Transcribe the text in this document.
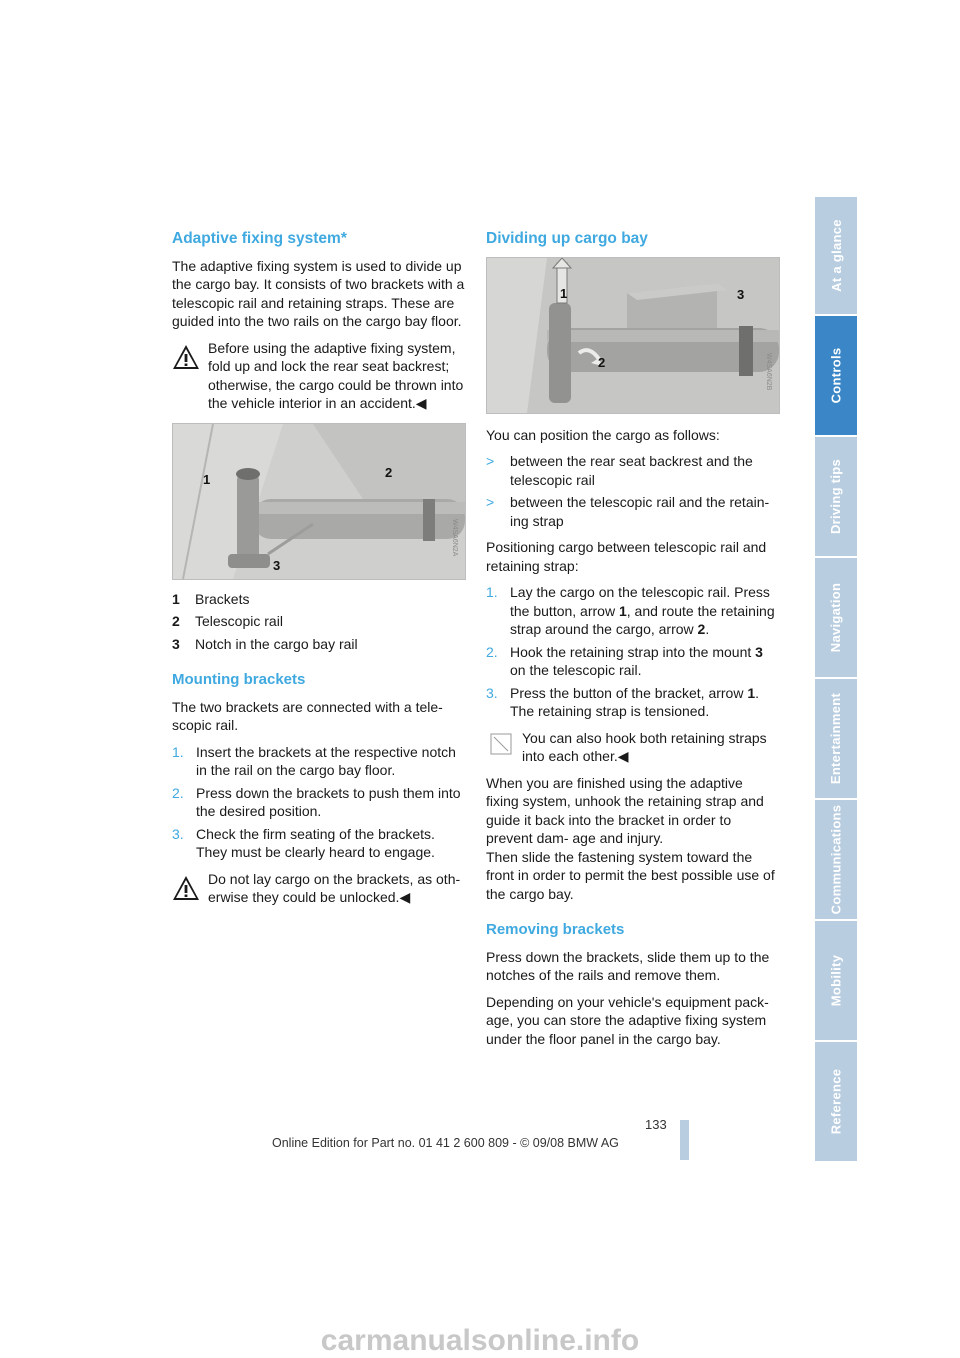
Adaptive fixing system*

The adaptive fixing system is used to divide up the cargo bay. It consists of two brackets with a telescopic rail and retaining straps. These are guided into the two rails on the cargo bay floor.

Before using the adaptive fixing system, fold up and lock the rear seat backrest; otherwise, the cargo could be thrown into the vehicle interior in an accident.◀
1	2
3
W4SA6N2A
1	Brackets
2	Telescopic rail
3	Notch in the cargo bay rail
Mounting brackets

The two brackets are connected with a tele- scopic rail.

1. Insert the brackets at the respective notch in the rail on the cargo bay floor.
2. Press down the brackets to push them into the desired position.
3. Check the firm seating of the brackets. They must be clearly heard to engage.
Do not lay cargo on the brackets, as oth- erwise they could be unlocked.◀
Dividing up cargo bay
1
2
3
W4SA6N2B

You can position the cargo as follows:

>	between the rear seat backrest and the telescopic rail
>	between the telescopic rail and the retain- ing strap

Positioning cargo between telescopic rail and retaining strap:

1. Lay the cargo on the telescopic rail. Press the button, arrow 1, and route the retaining strap around the cargo, arrow 2.
2. Hook the retaining strap into the mount 3 on the telescopic rail.
3. Press the button of the bracket, arrow 1. The retaining strap is tensioned.
You can also hook both retaining straps into each other.◀

When you are finished using the adaptive fixing system, unhook the retaining strap and guide it back into the bracket in order to prevent dam- age and injury.

Then slide the fastening system toward the front in order to permit the best possible use of the cargo bay.

Removing brackets

Press down the brackets, slide them up to the notches of the rails and remove them.

Depending on your vehicle's equipment pack- age, you can store the adaptive fixing system under the floor panel in the cargo bay.

At a glance
Controls
Driving tips
Navigation
Entertainment
Communications
Mobility
Reference
133
Online Edition for Part no. 01 41 2 600 809 - © 09/08 BMW AG
carmanualsonline.info
